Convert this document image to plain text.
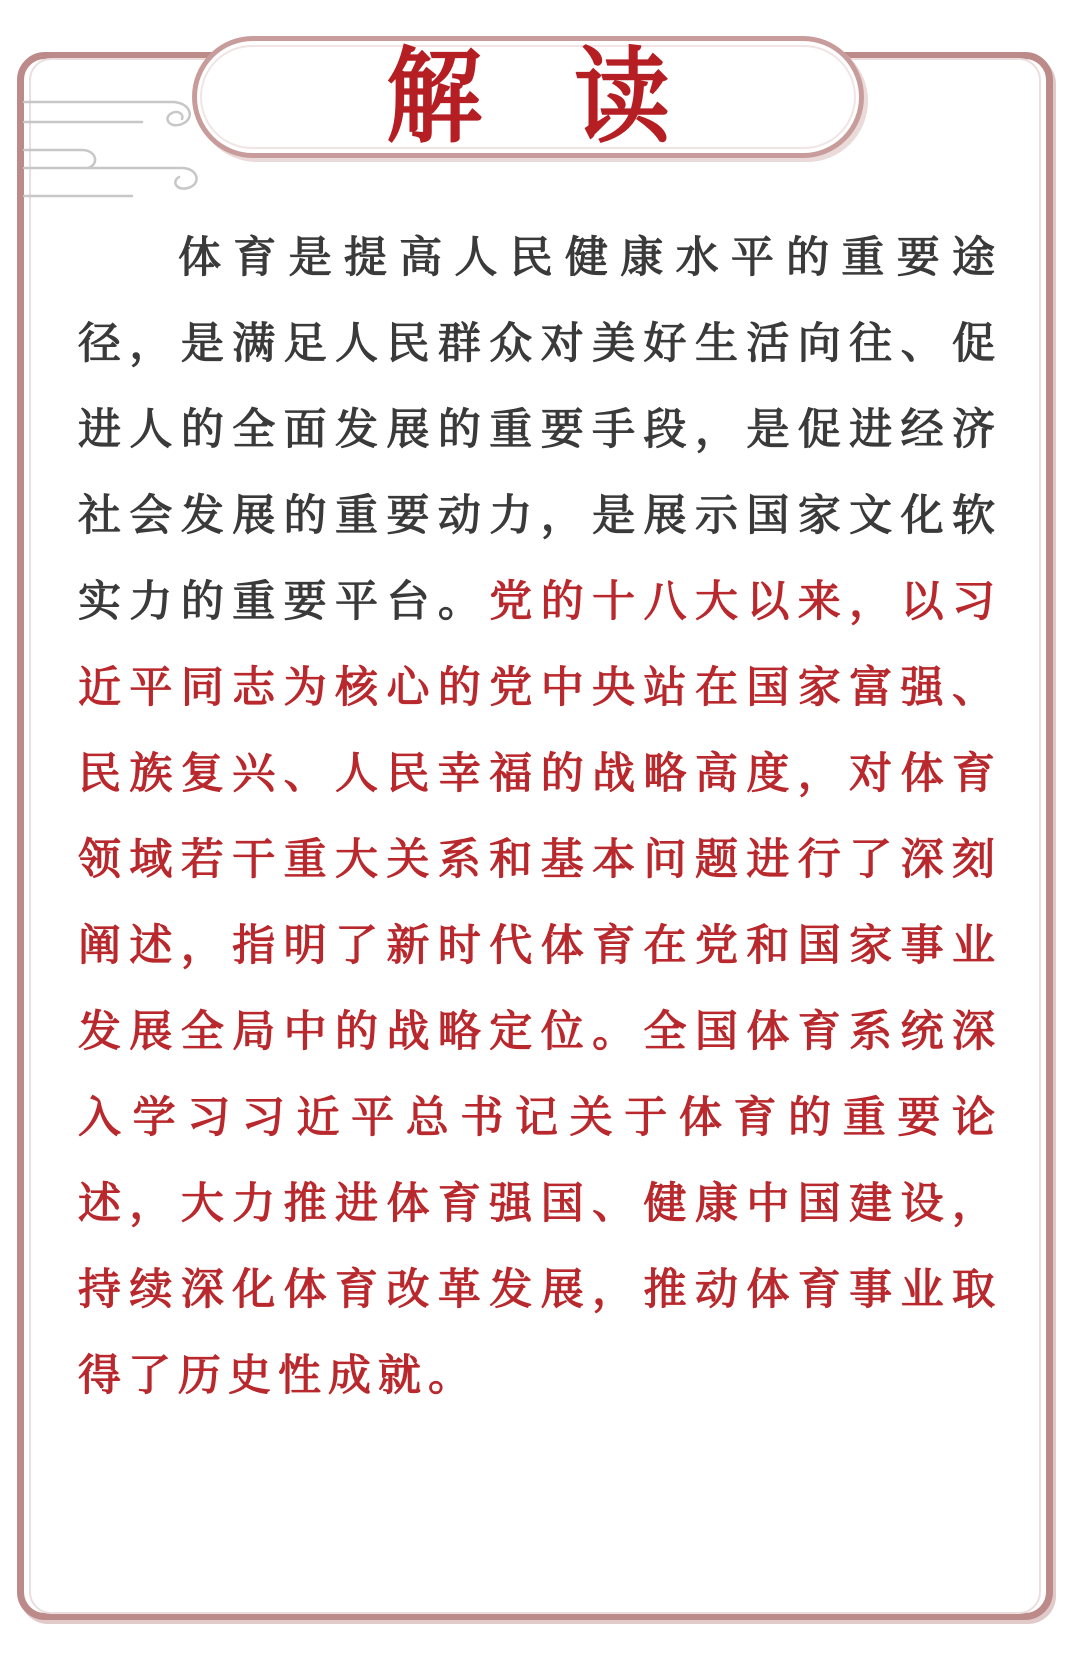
解 读
体育是提高人民健康水平的重要途径，是满足人民群众对美好生活向往、促进人的全面发展的重要手段，是促进经济社会发展的重要动力，是展示国家文化软实力的重要平台。党的十八大以来，以习近平同志为核心的党中央站在国家富强、民族复兴、人民幸福的战略高度，对体育领域若干重大关系和基本问题进行了深刻阐述，指明了新时代体育在党和国家事业发展全局中的战略定位。全国体育系统深入学习习近平总书记关于体育的重要论述，大力推进体育强国、健康中国建设，持续深化体育改革发展，推动体育事业取得了历史性成就。
